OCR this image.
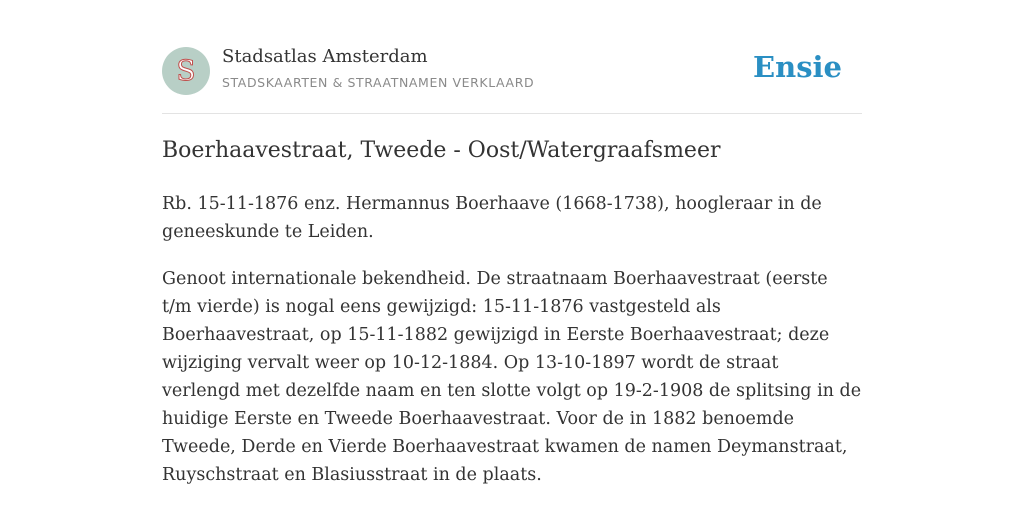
S	Stadsatlas Amsterdam
STADSKAARTEN & STRAATNAMEN VERKLAARD	Ensie
Boerhaavestraat, Tweede - Oost/Watergraafsmeer

Rb. 15-11-1876 enz. Hermannus Boerhaave (1668-1738), hoogleraar in de geneeskunde te Leiden.

Genoot internationale bekendheid. De straatnaam Boerhaavestraat (eerste t/m vierde) is nogal eens gewijzigd: 15-11-1876 vastgesteld als Boerhaavestraat, op 15-11-1882 gewijzigd in Eerste Boerhaavestraat; deze wijziging vervalt weer op 10-12-1884. Op 13-10-1897 wordt de straat verlengd met dezelfde naam en ten slotte volgt op 19-2-1908 de splitsing in de huidige Eerste en Tweede Boerhaavestraat. Voor de in 1882 benoemde Tweede, Derde en Vierde Boerhaavestraat kwamen de namen Deymanstraat, Ruyschstraat en Blasiusstraat in de plaats.
